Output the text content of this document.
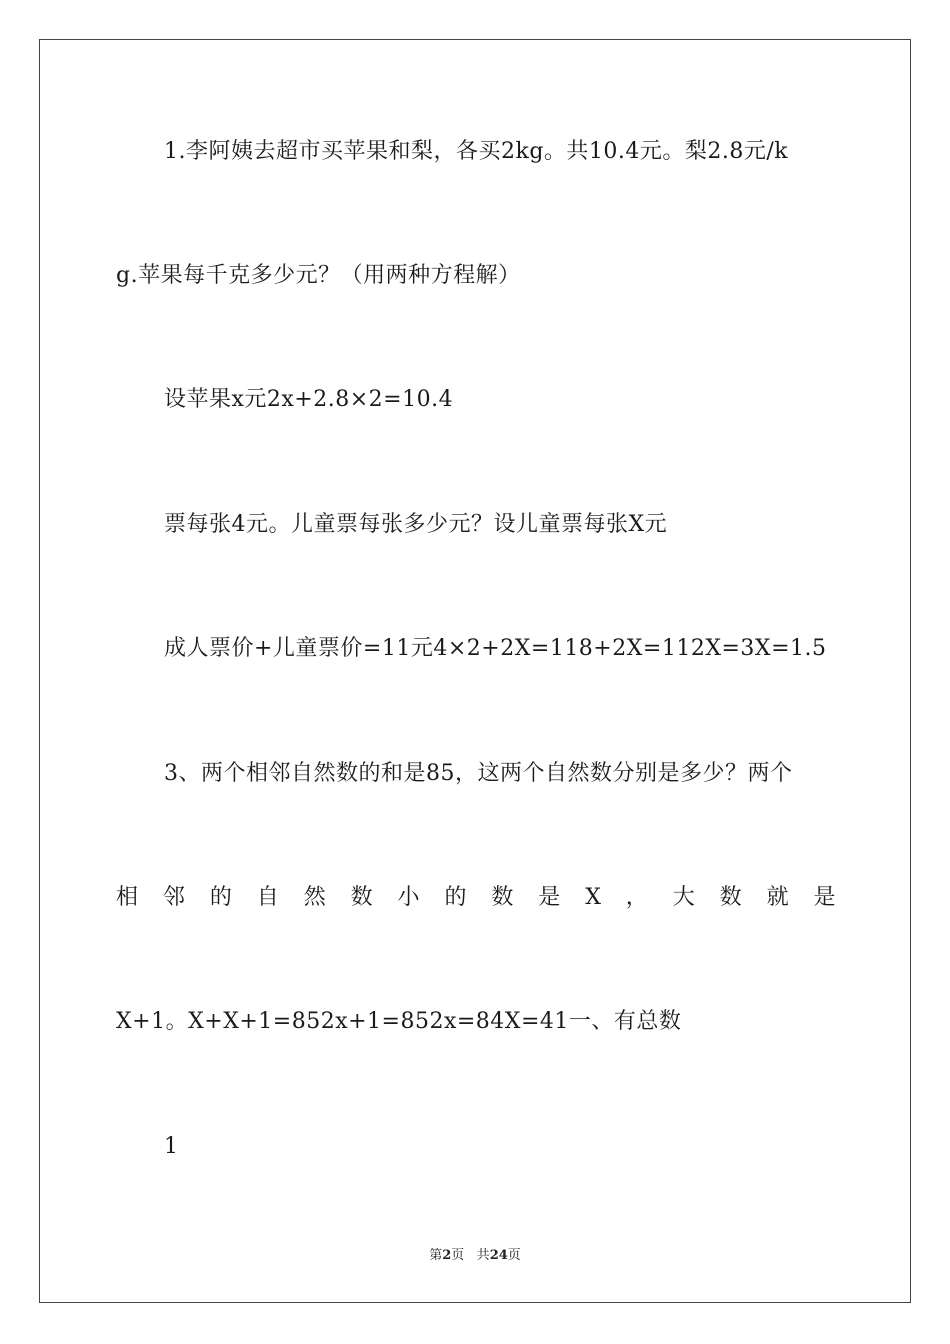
1.李阿姨去超市买苹果和梨，各买2kg。共10.4元。梨2.8元/k
g.苹果每千克多少元？（用两种方程解）
设苹果x元2x+2.8×2=10.4
票每张4元。儿童票每张多少元？设儿童票每张X元
成人票价+儿童票价=11元4×2+2X=118+2X=112X=3X=1.5
3、两个相邻自然数的和是85，这两个自然数分别是多少？两个
相 邻 的 自 然 数 小 的 数 是 X ， 大 数 就 是
X+1。X+X+1=852x+1=852x=84X=41一、有总数
1
第2页 共24页
